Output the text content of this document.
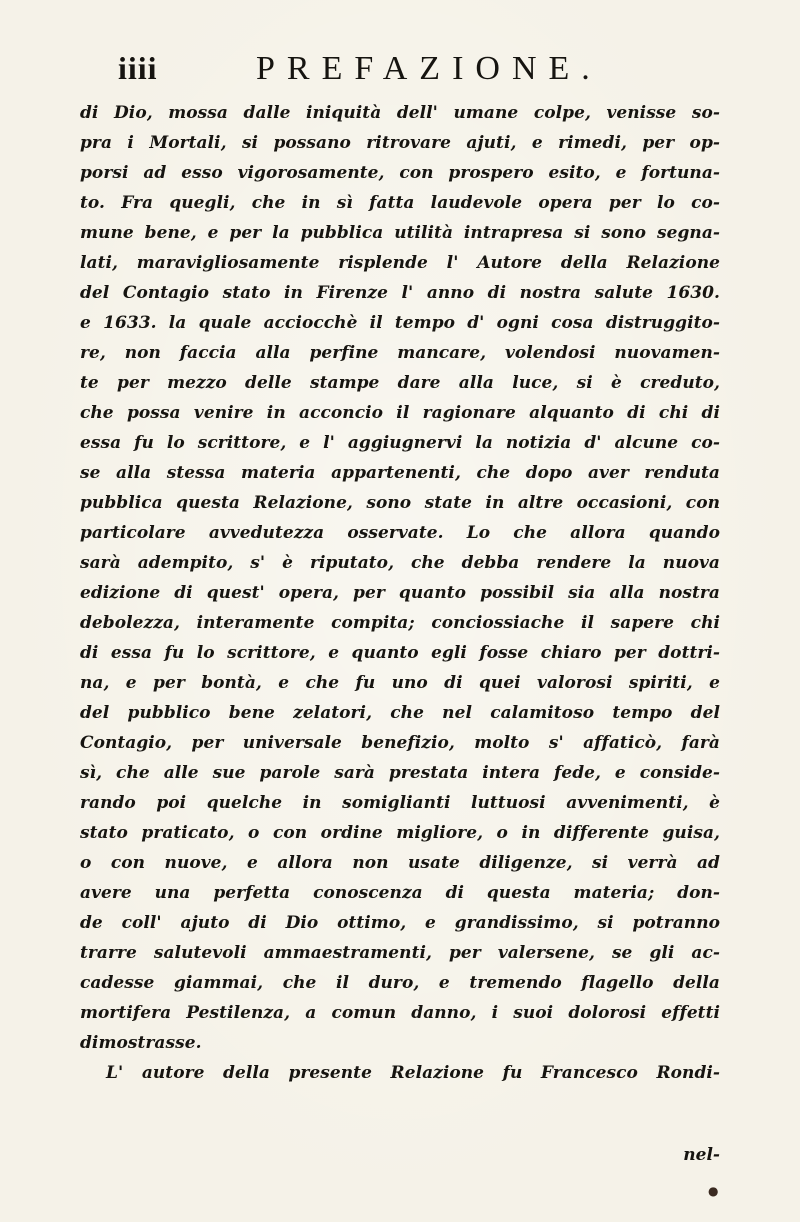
iiii	PREFAZIONE.
di Dio, mossa dalle iniquità dell' umane colpe, venisse so-
pra i Mortali, si possano ritrovare ajuti, e rimedi, per op-
porsi ad esso vigorosamente, con prospero esito, e fortuna-
to. Fra quegli, che in sì fatta laudevole opera per lo co-
mune bene, e per la pubblica utilità intrapresa si sono segna-
lati, maravigliosamente risplende l' Autore della Relazione
del Contagio stato in Firenze l' anno di nostra salute 1630.
e 1633. la quale acciocchè il tempo d' ogni cosa distruggito-
re, non faccia alla perfine mancare, volendosi nuovamen-
te per mezzo delle stampe dare alla luce, si è creduto,
che possa venire in acconcio il ragionare alquanto di chi di
essa fu lo scrittore, e l' aggiugnervi la notizia d' alcune co-
se alla stessa materia appartenenti, che dopo aver renduta
pubblica questa Relazione, sono state in altre occasioni, con
particolare avvedutezza osservate. Lo che allora quando
sarà adempito, s' è riputato, che debba rendere la nuova
edizione di quest' opera, per quanto possibil sia alla nostra
debolezza, interamente compita; conciossiache il sapere chi
di essa fu lo scrittore, e quanto egli fosse chiaro per dottri-
na, e per bontà, e che fu uno di quei valorosi spiriti, e
del pubblico bene zelatori, che nel calamitoso tempo del
Contagio, per universale benefizio, molto s' affaticò, farà
sì, che alle sue parole sarà prestata intera fede, e conside-
rando poi quelche in somiglianti luttuosi avvenimenti, è
stato praticato, o con ordine migliore, o in differente guisa,
o con nuove, e allora non usate diligenze, si verrà ad
avere una perfetta conoscenza di questa materia; don-
de coll' ajuto di Dio ottimo, e grandissimo, si potranno
trarre salutevoli ammaestramenti, per valersene, se gli ac-
cadesse giammai, che il duro, e tremendo flagello della
mortifera Pestilenza, a comun danno, i suoi dolorosi effetti
dimostrasse.
L' autore della presente Relazione fu Francesco Rondi-
nel-
●
